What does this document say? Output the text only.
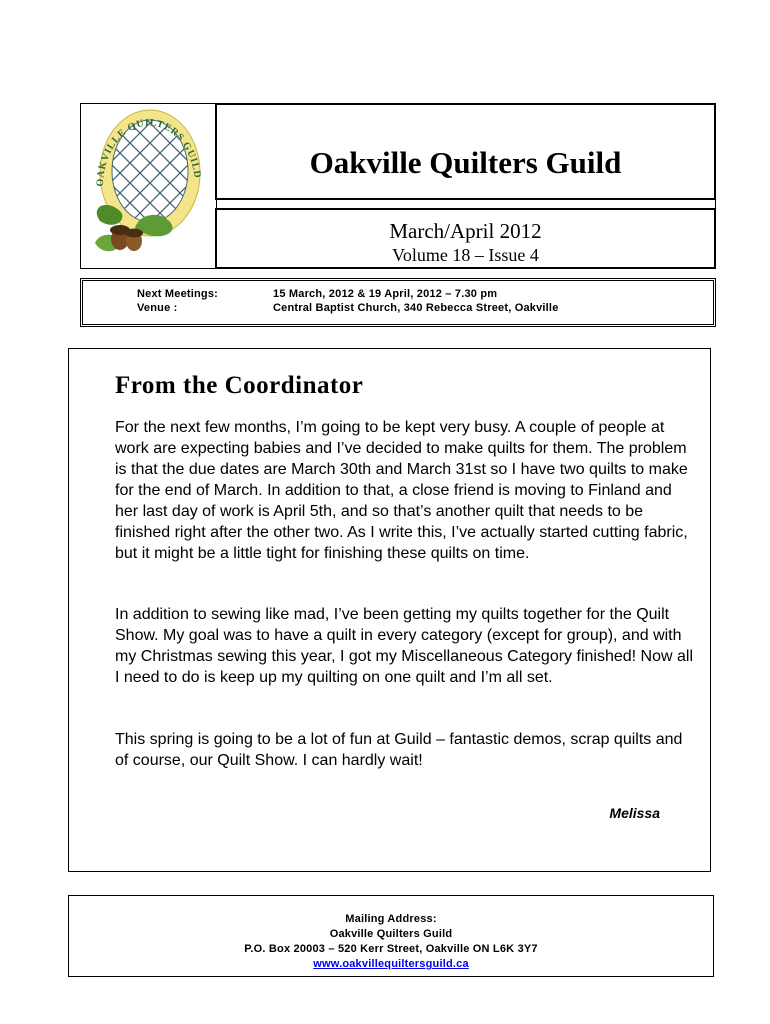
OAKVILLE QUILTERS GUILD	Oakville Quilters Guild
March/April 2012
Volume 18 – Issue 4
Next Meetings:	15 March, 2012 & 19 April, 2012 – 7.30 pm
Venue :	Central Baptist Church, 340 Rebecca Street, Oakville
From the Coordinator

For the next few months, I’m going to be kept very busy. A couple of people at work are expecting babies and I’ve decided to make quilts for them. The problem is that the due dates are March 30th and March 31st so I have two quilts to make for the end of March. In addition to that, a close friend is moving to Finland and her last day of work is April 5th, and so that’s another quilt that needs to be finished right after the other two. As I write this, I’ve actually started cutting fabric, but it might be a little tight for finishing these quilts on time.

In addition to sewing like mad, I’ve been getting my quilts together for the Quilt Show. My goal was to have a quilt in every category (except for group), and with my Christmas sewing this year, I got my Miscellaneous Category finished! Now all I need to do is keep up my quilting on one quilt and I’m all set.

This spring is going to be a lot of fun at Guild – fantastic demos, scrap quilts and of course, our Quilt Show. I can hardly wait!

Melissa
Mailing Address:
Oakville Quilters Guild
P.O. Box 20003 – 520 Kerr Street, Oakville ON L6K 3Y7
www.oakvillequiltersguild.ca
